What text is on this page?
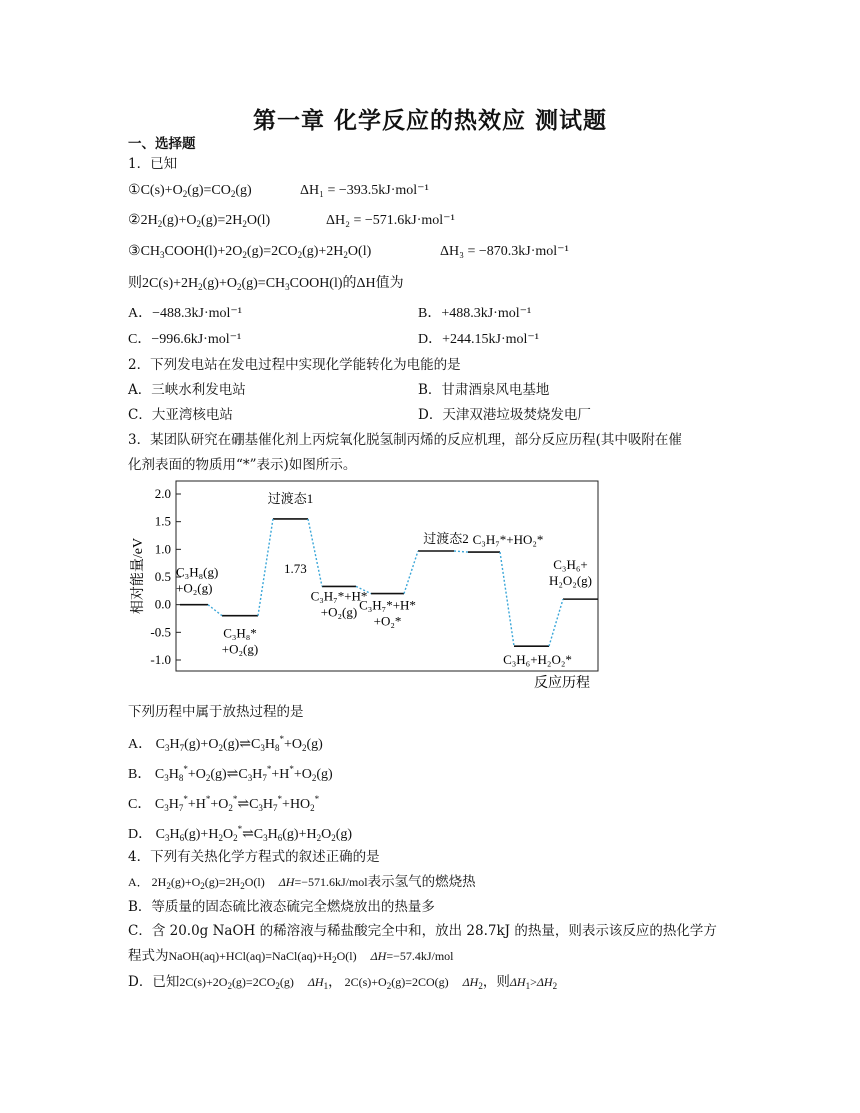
第一章 化学反应的热效应 测试题
一、选择题
1．已知
$①C(s)+O_2(g)=CO_2(g)$	ΔH₁ = −393.5kJ·mol⁻¹
$②2H_2(g)+O_2(g)=2H_2O(l)$	ΔH₂ = −571.6kJ·mol⁻¹
$③CH_3COOH(l)+2O_2(g)=2CO_2(g)+2H_2O(l)$	ΔH₃ = −870.3kJ·mol⁻¹
则$2C(s)+2H_2(g)+O_2(g)=CH_3COOH(l)$的ΔH值为
A．−488.3kJ·mol⁻¹	B．+488.3kJ·mol⁻¹
C．−996.6kJ·mol⁻¹	D．+244.15kJ·mol⁻¹
2．下列发电站在发电过程中实现化学能转化为电能的是
A．三峡水利发电站	B．甘肃酒泉风电基地
C．大亚湾核电站	D．天津双港垃圾焚烧发电厂
3．某团队研究在硼基催化剂上丙烷氧化脱氢制丙烯的反应机理，部分反应历程(其中吸附在催
化剂表面的物质用“*”表示)如图所示。
2.0
1.5
1.0
0.5
0.0
-0.5
-1.0
相对能量/eV
反应历程
C₃H₈(g)
+O₂(g)
C₃H₈*
+O₂(g)
过渡态1
C₃H₇*+H*
+O₂(g) C₃H₇*+H*
+O₂*
过渡态2 C₃H₇*+HO₂*
C₃H₆+H₂O₂*
C₃H₆+
H₂O₂(g)
1.73
下列历程中属于放热过程的是
A． $C_3H_7(g)+O_2(g)\rightleftharpoons C_3H_8^*+O_2(g)$
B． $C_3H_8^*+O_2(g)\rightleftharpoons C_3H_7^*+H^*+O_2(g)$
C． $C_3H_7^*+H^*+O_2^*\rightleftharpoons C_3H_7^*+HO_2^*$
D． $C_3H_6(g)+H_2O_2^*\rightleftharpoons C_3H_6(g)+H_2O_2(g)$
4．下列有关热化学方程式的叙述正确的是
A． $2H_2(g)+O_2(g)=2H_2O(l)$ ΔH=−571.6kJ/mol表示氢气的燃烧热
B．等质量的固态硫比液态硫完全燃烧放出的热量多
C．含 20.0g NaOH 的稀溶液与稀盐酸完全中和，放出 28.7kJ 的热量，则表示该反应的热化学方
程式为$NaOH(aq)+HCl(aq)=NaCl(aq)+H_2O(l)$ ΔH=−57.4kJ/mol
D．已知$2C(s)+2O_2(g)=2CO_2(g)$ $\Delta H_1$， $2C(s)+O_2(g)=2CO(g)$ $\Delta H_2$，则$\Delta H_1>\Delta H_2$
